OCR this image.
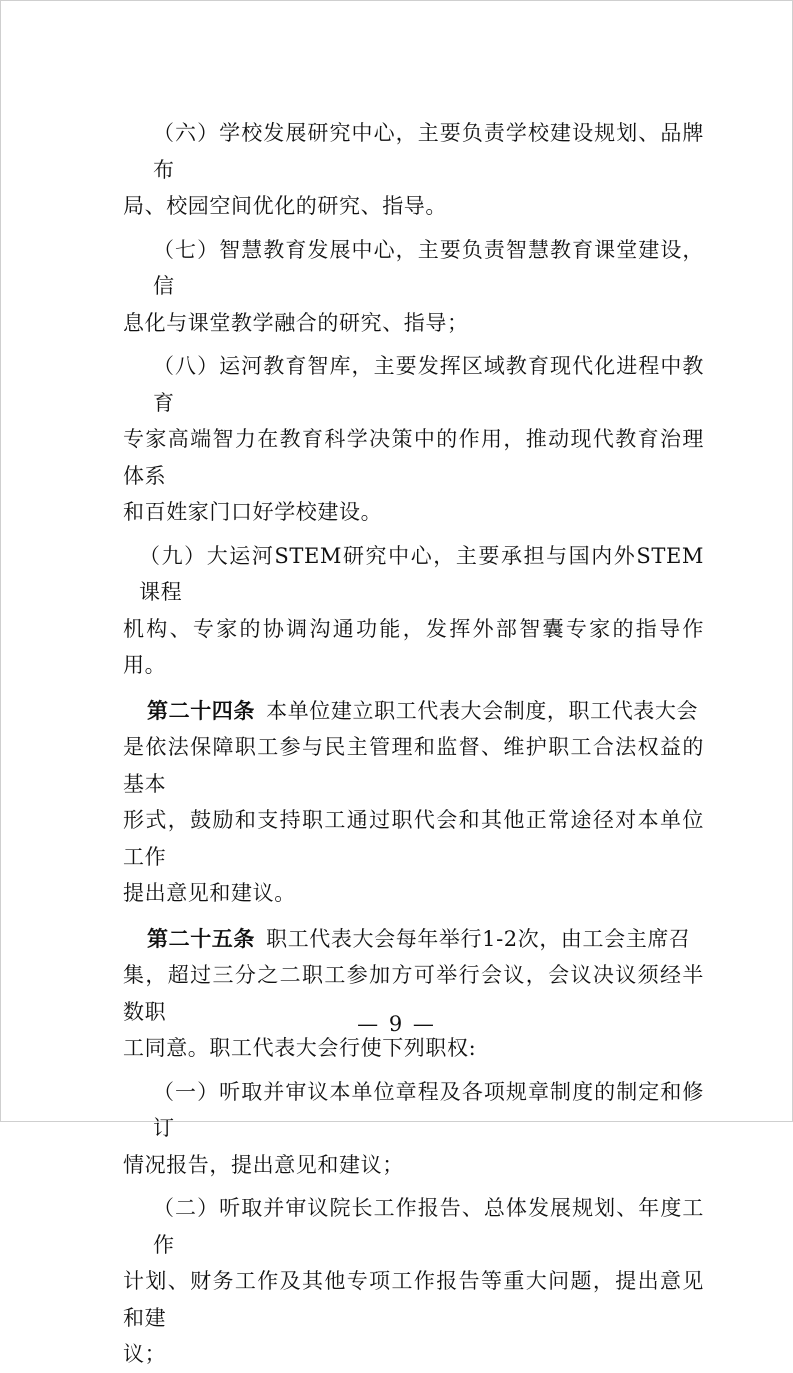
（六）学校发展研究中心，主要负责学校建设规划、品牌布
局、校园空间优化的研究、指导。
（七）智慧教育发展中心，主要负责智慧教育课堂建设，信
息化与课堂教学融合的研究、指导；
（八）运河教育智库，主要发挥区域教育现代化进程中教育
专家高端智力在教育科学决策中的作用，推动现代教育治理体系
和百姓家门口好学校建设。
（九）大运河STEM研究中心，主要承担与国内外STEM课程
机构、专家的协调沟通功能，发挥外部智囊专家的指导作用。
第二十四条  本单位建立职工代表大会制度，职工代表大会
是依法保障职工参与民主管理和监督、维护职工合法权益的基本
形式，鼓励和支持职工通过职代会和其他正常途径对本单位工作
提出意见和建议。
第二十五条  职工代表大会每年举行1-2次，由工会主席召
集，超过三分之二职工参加方可举行会议，会议决议须经半数职
工同意。职工代表大会行使下列职权:
（一）听取并审议本单位章程及各项规章制度的制定和修订
情况报告，提出意见和建议；
（二）听取并审议院长工作报告、总体发展规划、年度工作
计划、财务工作及其他专项工作报告等重大问题，提出意见和建
议；
— 9 —
